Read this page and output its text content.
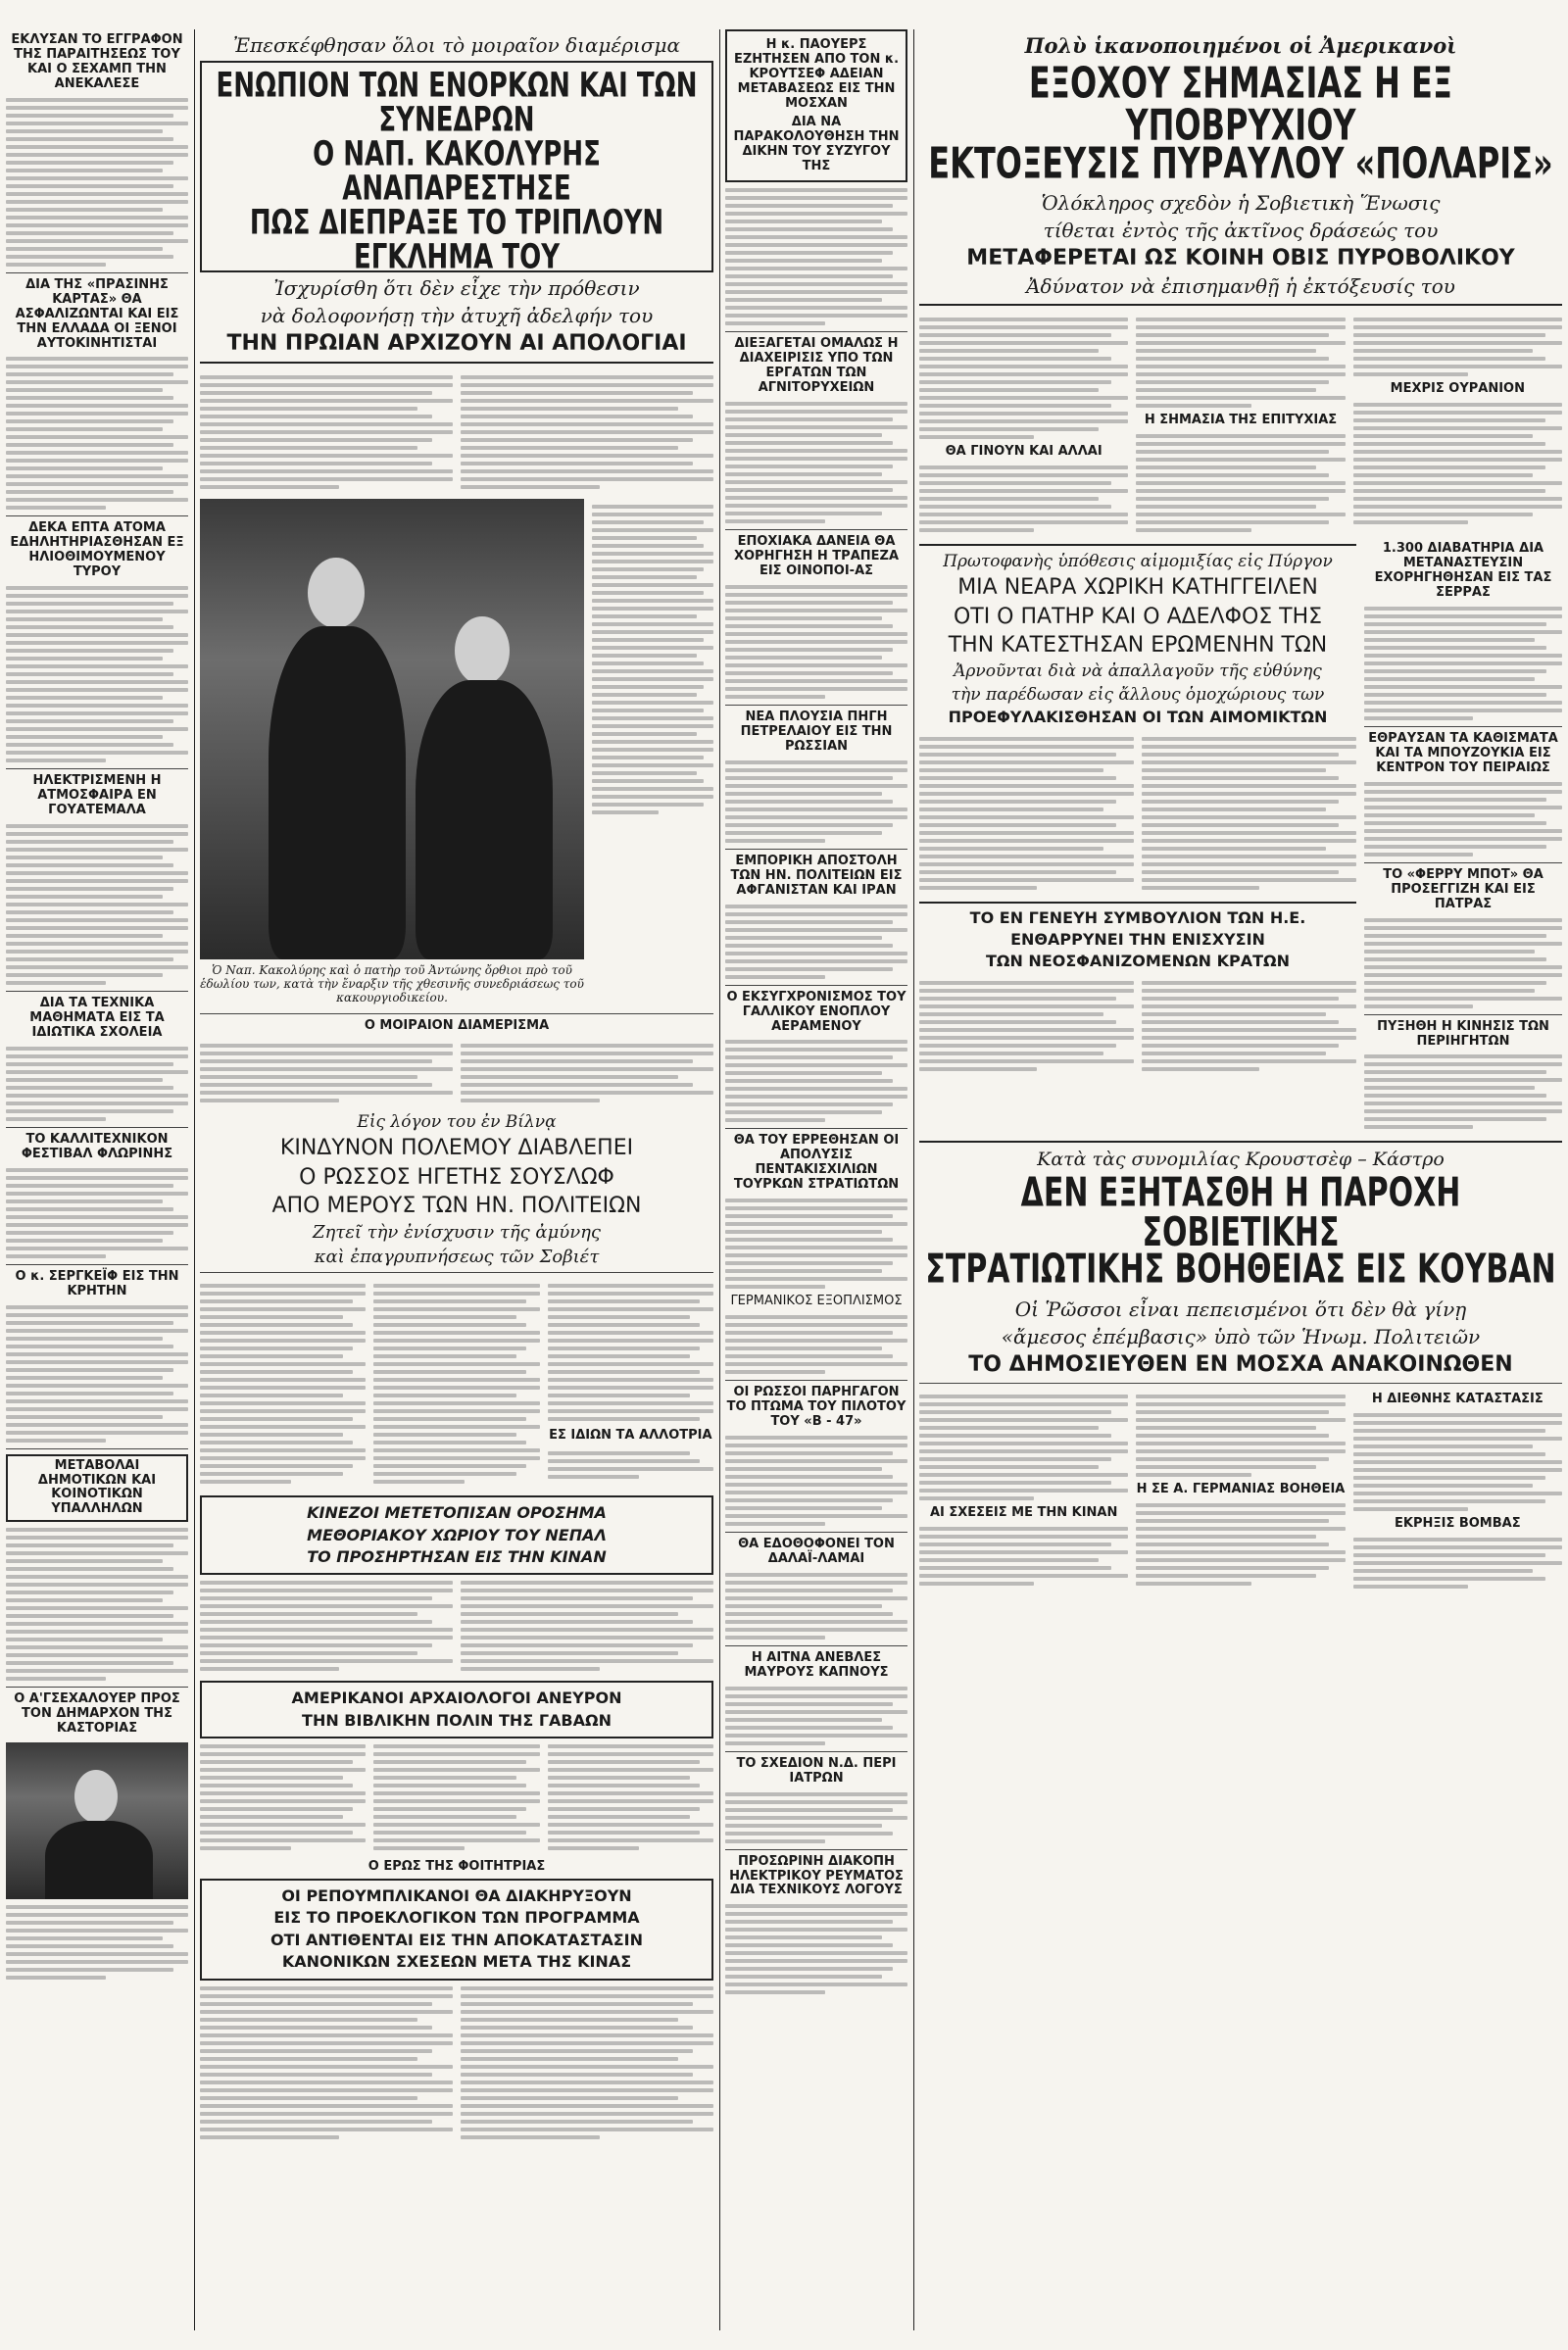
ΕΚΛΥΣΑΝ ΤΟ ΕΓΓΡΑΦΟΝ ΤΗΣ ΠΑΡΑΙΤΗΣΕΩΣ ΤΟΥ ΚΑΙ Ο ΣΕΧΑΜΠ ΤΗΝ ΑΝΕΚΑΛΕΣΕ
ΔΙΑ ΤΗΣ «ΠΡΑΣΙΝΗΣ ΚΑΡΤΑΣ» ΘΑ ΑΣΦΑΛΙΖΩΝΤΑΙ ΚΑΙ ΕΙΣ ΤΗΝ ΕΛΛΑΔΑ ΟΙ ΞΕΝΟΙ ΑΥΤΟΚΙΝΗΤΙΣΤΑΙ
ΔΕΚΑ ΕΠΤΑ ΑΤΟΜΑ ΕΔΗΛΗΤΗΡΙΑΣΘΗΣΑΝ ΕΞ ΗΛΙΟΘΙΜΟΥΜΕΝΟΥ ΤΥΡΟΥ
ΗΛΕΚΤΡΙΣΜΕΝΗ Η ΑΤΜΟΣΦΑΙΡΑ ΕΝ ΓΟΥΑΤΕΜΑΛΑ
ΔΙΑ ΤΑ ΤΕΧΝΙΚΑ ΜΑΘΗΜΑΤΑ ΕΙΣ ΤΑ ΙΔΙΩΤΙΚΑ ΣΧΟΛΕΙΑ
ΤΟ ΚΑΛΛΙΤΕΧΝΙΚΟΝ ΦΕΣΤΙΒΑΛ ΦΛΩΡΙΝΗΣ
Ο κ. ΣΕΡΓΚΕΪΦ ΕΙΣ ΤΗΝ ΚΡΗΤΗΝ
ΜΕΤΑΒΟΛΑΙ ΔΗΜΟΤΙΚΩΝ ΚΑΙ ΚΟΙΝΟΤΙΚΩΝ ΥΠΑΛΛΗΛΩΝ
Ο Α'ΓΣΕΧΑΛΟΥΕΡ ΠΡΟΣ ΤΟΝ ΔΗΜΑΡΧΟΝ ΤΗΣ ΚΑΣΤΟΡΙΑΣ
Ἐπεσκέφθησαν ὅλοι τὸ μοιραῖον διαμέρισμα
ΕΝΩΠΙΟΝ ΤΩΝ ΕΝΟΡΚΩΝ ΚΑΙ ΤΩΝ ΣΥΝΕΔΡΩΝ
Ο ΝΑΠ. ΚΑΚΟΛΥΡΗΣ ΑΝΑΠΑΡΕΣΤΗΣΕ
ΠΩΣ ΔΙΕΠΡΑΞΕ ΤΟ ΤΡΙΠΛΟΥΝ ΕΓΚΛΗΜΑ ΤΟΥ
Ἰσχυρίσθη ὅτι δὲν εἶχε τὴν πρόθεσιν
νὰ δολοφονήσῃ τὴν ἀτυχῆ ἀδελφήν του
ΤΗΝ ΠΡΩΙΑΝ ΑΡΧΙΖΟΥΝ ΑΙ ΑΠΟΛΟΓΙΑΙ
Ὁ Ναπ. Κακολύρης καὶ ὁ πατὴρ τοῦ Ἀντώνης ὄρθιοι πρὸ τοῦ ἑδωλίου των, κατὰ τὴν ἔναρξιν τῆς χθεσινῆς συνεδριάσεως τοῦ κακουργιοδικείου.
Ο ΜΟΙΡΑΙΟΝ ΔΙΑΜΕΡΙΣΜΑ
Εἰς λόγον του ἐν Βίλνᾳ
ΚΙΝΔΥΝΟΝ ΠΟΛΕΜΟΥ ΔΙΑΒΛΕΠΕΙ
Ο ΡΩΣΣΟΣ ΗΓΕΤΗΣ ΣΟΥΣΛΩΦ
ΑΠΟ ΜΕΡΟΥΣ ΤΩΝ ΗΝ. ΠΟΛΙΤΕΙΩΝ
Ζητεῖ τὴν ἐνίσχυσιν τῆς ἀμύνης
καὶ ἐπαγρυπνήσεως τῶν Σοβιέτ
ΕΣ ΙΔΙΩΝ ΤΑ ΑΛΛΟΤΡΙΑ
ΚΙΝΕΖΟΙ ΜΕΤΕΤΟΠΙΣΑΝ ΟΡΟΣΗΜΑ
ΜΕΘΟΡΙΑΚΟΥ ΧΩΡΙΟΥ ΤΟΥ ΝΕΠΑΛ
ΤΟ ΠΡΟΣΗΡΤΗΣΑΝ ΕΙΣ ΤΗΝ ΚΙΝΑΝ
ΑΜΕΡΙΚΑΝΟΙ ΑΡΧΑΙΟΛΟΓΟΙ ΑΝΕΥΡΟΝ
ΤΗΝ ΒΙΒΛΙΚΗΝ ΠΟΛΙΝ ΤΗΣ ΓΑΒΑΩΝ
Ο ΕΡΩΣ ΤΗΣ ΦΟΙΤΗΤΡΙΑΣ
ΟΙ ΡΕΠΟΥΜΠΛΙΚΑΝΟΙ ΘΑ ΔΙΑΚΗΡΥΞΟΥΝ
ΕΙΣ ΤΟ ΠΡΟΕΚΛΟΓΙΚΟΝ ΤΩΝ ΠΡΟΓΡΑΜΜΑ
ΟΤΙ ΑΝΤΙΘΕΝΤΑΙ ΕΙΣ ΤΗΝ ΑΠΟΚΑΤΑΣΤΑΣΙΝ
ΚΑΝΟΝΙΚΩΝ ΣΧΕΣΕΩΝ ΜΕΤΑ ΤΗΣ ΚΙΝΑΣ
Η κ. ΠΑΟΥΕΡΣ ΕΖΗΤΗΣΕΝ ΑΠΟ ΤΟΝ κ. ΚΡΟΥΤΣΕΦ ΑΔΕΙΑΝ ΜΕΤΑΒΑΣΕΩΣ ΕΙΣ ΤΗΝ ΜΟΣΧΑΝ
ΔΙΑ ΝΑ ΠΑΡΑΚΟΛΟΥΘΗΣΗ ΤΗΝ ΔΙΚΗΝ ΤΟΥ ΣΥΖΥΓΟΥ ΤΗΣ
ΔΙΕΞΑΓΕΤΑΙ ΟΜΑΛΩΣ Η ΔΙΑΧΕΙΡΙΣΙΣ ΥΠΟ ΤΩΝ ΕΡΓΑΤΩΝ ΤΩΝ ΑΓΝΙΤΟΡΥΧΕΙΩΝ
ΕΠΟΧΙΑΚΑ ΔΑΝΕΙΑ ΘΑ ΧΟΡΗΓΗΣΗ Η ΤΡΑΠΕΖΑ ΕΙΣ ΟΙΝΟΠΟΙ-ΑΣ
ΝΕΑ ΠΛΟΥΣΙΑ ΠΗΓΗ ΠΕΤΡΕΛΑΙΟΥ ΕΙΣ ΤΗΝ ΡΩΣΣΙΑΝ
ΕΜΠΟΡΙΚΗ ΑΠΟΣΤΟΛΗ ΤΩΝ ΗΝ. ΠΟΛΙΤΕΙΩΝ ΕΙΣ ΑΦΓΑΝΙΣΤΑΝ ΚΑΙ ΙΡΑΝ
Ο ΕΚΣΥΓΧΡΟΝΙΣΜΟΣ ΤΟΥ ΓΑΛΛΙΚΟΥ ΕΝΟΠΛΟΥ ΑΕΡΑΜΕΝΟΥ
ΘΑ ΤΟΥ ΕΡΡΕΘΗΣΑΝ ΟΙ ΑΠΟΛΥΣΙΣ ΠΕΝΤΑΚΙΣΧΙΛΙΩΝ ΤΟΥΡΚΩΝ ΣΤΡΑΤΙΩΤΩΝ
ΓΕΡΜΑΝΙΚΟΣ ΕΞΟΠΛΙΣΜΟΣ
ΟΙ ΡΩΣΣΟΙ ΠΑΡΗΓΑΓΟΝ ΤΟ ΠΤΩΜΑ ΤΟΥ ΠΙΛΟΤΟΥ ΤΟΥ «Β - 47»
ΘΑ ΕΔΟΘΟΦΟΝΕΙ ΤΟΝ ΔΑΛΑΪ-ΛΑΜΑΙ
Η ΑΙΤΝΑ ΑΝΕΒΛΕΣ ΜΑΥΡΟΥΣ ΚΑΠΝΟΥΣ
ΤΟ ΣΧΕΔΙΟΝ Ν.Δ. ΠΕΡΙ ΙΑΤΡΩΝ
ΠΡΟΣΩΡΙΝΗ ΔΙΑΚΟΠΗ ΗΛΕΚΤΡΙΚΟΥ ΡΕΥΜΑΤΟΣ ΔΙΑ ΤΕΧΝΙΚΟΥΣ ΛΟΓΟΥΣ
Πολὺ ἱκανοποιημένοι οἱ Ἀμερικανοὶ
ΕΞΟΧΟΥ ΣΗΜΑΣΙΑΣ Η ΕΞ ΥΠΟΒΡΥΧΙΟΥ
ΕΚΤΟΞΕΥΣΙΣ ΠΥΡΑΥΛΟΥ «ΠΟΛΑΡΙΣ»
Ὁλόκληρος σχεδὸν ἡ Σοβιετικὴ Ἕνωσις
τίθεται ἐντὸς τῆς ἀκτῖνος δράσεώς του
ΜΕΤΑΦΕΡΕΤΑΙ ΩΣ ΚΟΙΝΗ ΟΒΙΣ ΠΥΡΟΒΟΛΙΚΟΥ
Ἀδύνατον νὰ ἐπισημανθῇ ἡ ἐκτόξευσίς του
ΘΑ ΓΙΝΟΥΝ ΚΑΙ ΑΛΛΑΙ
Η ΣΗΜΑΣΙΑ ΤΗΣ ΕΠΙΤΥΧΙΑΣ
ΜΕΧΡΙΣ ΟΥΡΑΝΙΟΝ
Πρωτοφανὴς ὑπόθεσις αἱμομιξίας εἰς Πύργον
ΜΙΑ ΝΕΑΡΑ ΧΩΡΙΚΗ ΚΑΤΗΓΓΕΙΛΕΝ
ΟΤΙ Ο ΠΑΤΗΡ ΚΑΙ Ο ΑΔΕΛΦΟΣ ΤΗΣ
ΤΗΝ ΚΑΤΕΣΤΗΣΑΝ ΕΡΩΜΕΝΗΝ ΤΩΝ
Ἀρνοῦνται διὰ νὰ ἀπαλλαγοῦν τῆς εὐθύνης
τὴν παρέδωσαν εἰς ἄλλους ὁμοχώριους των
ΠΡΟΕΦΥΛΑΚΙΣΘΗΣΑΝ ΟΙ ΤΩΝ ΑΙΜΟΜΙΚΤΩΝ
ΤΟ ΕΝ ΓΕΝΕΥΗ ΣΥΜΒΟΥΛΙΟΝ ΤΩΝ Η.Ε.
ΕΝΘΑΡΡΥΝΕΙ ΤΗΝ ΕΝΙΣΧΥΣΙΝ
ΤΩΝ ΝΕΟΣΦΑΝΙΖΟΜΕΝΩΝ ΚΡΑΤΩΝ
1.300 ΔΙΑΒΑΤΗΡΙΑ ΔΙΑ ΜΕΤΑΝΑΣΤΕΥΣΙΝ ΕΧΟΡΗΓΗΘΗΣΑΝ ΕΙΣ ΤΑΣ ΣΕΡΡΑΣ
ΕΘΡΑΥΣΑΝ ΤΑ ΚΑΘΙΣΜΑΤΑ ΚΑΙ ΤΑ ΜΠΟΥΖΟΥΚΙΑ ΕΙΣ ΚΕΝΤΡΟΝ ΤΟΥ ΠΕΙΡΑΙΩΣ
ΤΟ «ΦΕΡΡΥ ΜΠΟΤ» ΘΑ ΠΡΟΣΕΓΓΙΖΗ ΚΑΙ ΕΙΣ ΠΑΤΡΑΣ
ΠΥΞΗΘΗ Η ΚΙΝΗΣΙΣ ΤΩΝ ΠΕΡΙΗΓΗΤΩΝ
Κατὰ τὰς συνομιλίας Κρουστσὲφ – Κάστρο
ΔΕΝ ΕΞΗΤΑΣΘΗ Η ΠΑΡΟΧΗ ΣΟΒΙΕΤΙΚΗΣ
ΣΤΡΑΤΙΩΤΙΚΗΣ ΒΟΗΘΕΙΑΣ ΕΙΣ ΚΟΥΒΑΝ
Οἱ Ῥῶσσοι εἶναι πεπεισμένοι ὅτι δὲν θὰ γίνῃ
«ἄμεσος ἐπέμβασις» ὑπὸ τῶν Ἡνωμ. Πολιτειῶν
ΤΟ ΔΗΜΟΣΙΕΥΘΕΝ ΕΝ ΜΟΣΧΑ ΑΝΑΚΟΙΝΩΘΕΝ
ΑΙ ΣΧΕΣΕΙΣ ΜΕ ΤΗΝ ΚΙΝΑΝ
Η ΣΕ Α. ΓΕΡΜΑΝΙΑΣ ΒΟΗΘΕΙΑ
Η ΔΙΕΘΝΗΣ ΚΑΤΑΣΤΑΣΙΣ
ΕΚΡΗΞΙΣ ΒΟΜΒΑΣ
